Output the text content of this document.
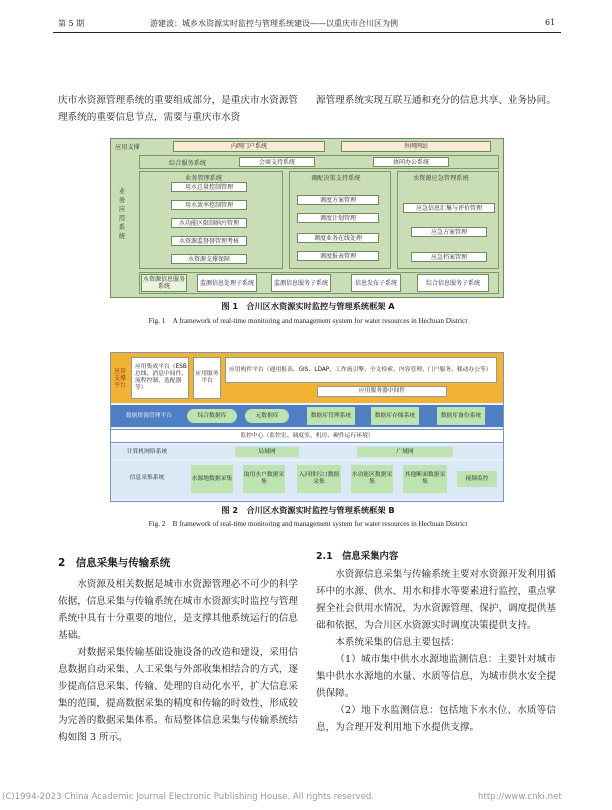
第 5 期	游建波：城乡水资源实时监控与管理系统建设——以重庆市合川区为例	61
庆市水资源管理系统的重要组成部分，是重庆市水资源管理系统的重要信息节点，需要与重庆市水资
源管理系统实现互联互通和充分的信息共享、业务协同。
应用支撑	内网门户系统	外网网站
综合服务系统	会商支持系统	协同办公系统
业务应用系统
业务管理系统
用水总量控制管理
用水效率控制管理
水功能区限制纳污管理
水资源监督督管理考核
水资源支撑保障
调配决策支持系统
调度方案管理
调度计划管理
调度业务在线处理
调度报表管理
水资源应急管理系统
应急信息汇集与评价管理
应急方案管理
应急档案管理
水资源信息服务系统	监测信息处理子系统	监测信息服务子系统	信息发布子系统	综合信息服务子系统
图 1　合川区水资源实时监控与管理系统框架 A
Fig. 1　A framework of real-time monitoring and management system for water resources in Hechuan District
应用支撑平台
应用集成平台（ESB总线、消息中间件、流程控制、选配器等）
应用服务平台
应用构件平台（通用报表、GIS、LDAP、工作流引擎、全文检索、内容管理、门户服务、移动办公等）
应用服务器中间件
数据资源管理平台	综合数据库	元数据库	数据库管理系统	数据库存储系统	数据库备份系统
监控中心（监控室、调度室、机房、硬件运行环境）
计算机网络系统	局域网	广域网
信息采集系统	水源地数据采集
取用水户数据采集
入河排污口数据采集
水功能区数据采集
其他断面数据采集
视频监控
图 2　合川区水资源实时监控与管理系统框架 B
Fig. 2　B framework of real-time monitoring and management system for water resources in Hechuan District
2　信息采集与传输系统

水资源及相关数据是城市水资源管理必不可少的科学依据，信息采集与传输系统在城市水资源实时监控与管理系统中具有十分重要的地位，是支撑其他系统运行的信息基础。

对数据采集传输基础设施设备的改造和建设，采用信息数据自动采集、人工采集与外部收集相结合的方式，逐步提高信息采集、传输、处理的自动化水平，扩大信息采集的范围，提高数据采集的精度和传输的时效性，形成较为完善的数据采集体系。布局整体信息采集与传输系统结构如图 3 所示。

2.1　信息采集内容

水资源信息采集与传输系统主要对水资源开发利用循环中的水源、供水、用水和排水等要素进行监控，重点掌握全社会供用水情况，为水资源管理、保护、调度提供基础和依据，为合川区水资源实时调度决策提供支持。

本系统采集的信息主要包括：

（1）城市集中供水水源地监测信息：主要针对城市集中供水水源地的水量、水质等信息，为城市供水安全提供保障。

（2）地下水监测信息：包括地下水水位、水质等信息，为合理开发利用地下水提供支撑。

(C)1994-2023 China Academic Journal Electronic Publishing House. All rights reserved.	http://www.cnki.net
